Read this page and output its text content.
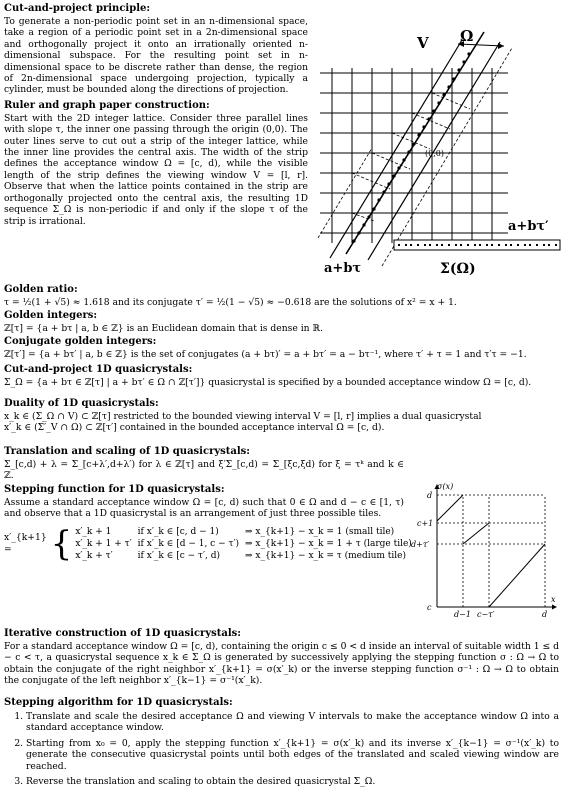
Cut-and-project principle:

To generate a non-periodic point set in an n-dimensional space, take a region of a periodic point set in a 2n-dimensional space and orthogonally project it onto an irrationally oriented n-dimensional subspace. For the resulting point set in n-dimensional space to be discrete rather than dense, the region of 2n-dimensional space undergoing projection, typically a cylinder, must be bounded along the directions of projection.

Ruler and graph paper construction:

Start with the 2D integer lattice. Consider three parallel lines with slope τ, the inner one passing through the origin (0,0). The outer lines serve to cut out a strip of the integer lattice, while the inner line provides the central axis. The width of the strip defines the acceptance window Ω = [c, d), while the visible length of the strip defines the viewing window V = [l, r]. Observe that when the lattice points contained in the strip are orthogonally projected onto the central axis, the resulting 1D sequence Σ_Ω is non-periodic if and only if the slope τ of the strip is irrational.

V Ω
(0,0)
a+bτ′
a+bτ	Σ(Ω)
Golden ratio:

τ = ½(1 + √5) ≈ 1.618 and its conjugate τ′ = ½(1 − √5) ≈ −0.618 are the solutions of x² = x + 1.

Golden integers:

ℤ[τ] = {a + bτ | a, b ∈ ℤ} is an Euclidean domain that is dense in ℝ.

Conjugate golden integers:

ℤ[τ′] = {a + bτ′ | a, b ∈ ℤ} is the set of conjugates (a + bτ)′ = a + bτ′ = a − bτ⁻¹, where τ′ + τ = 1 and τ′τ = −1.

Cut-and-project 1D quasicrystals:

Σ_Ω = {a + bτ ∈ ℤ[τ] | a + bτ′ ∈ Ω ∩ ℤ[τ′]} quasicrystal is specified by a bounded acceptance window Ω = [c, d).

Duality of 1D quasicrystals:

x_k ∈ (Σ_Ω ∩ V) ⊂ ℤ[τ] restricted to the bounded viewing interval V = [l, r] implies a dual quasicrystal

x′_k ∈ (Σ′_V ∩ Ω) ⊂ ℤ[τ′] contained in the bounded acceptance interval Ω = [c, d).

Translation and scaling of 1D quasicrystals:

Σ_[c,d) + λ = Σ_[c+λ′,d+λ′) for λ ∈ ℤ[τ] and ξ′Σ_[c,d) = Σ_[ξc,ξd) for ξ = τᵏ and k ∈ ℤ.

Stepping function for 1D quasicrystals:

Assume a standard acceptance window Ω = [c, d) such that 0 ∈ Ω and d − c ∈ [1, τ) and observe that a 1D quasicrystal is an arrangement of just three possible tiles.

x′_{k+1} =	{ x′_k + 1	if x′_k ∈ [c, d − 1)	⇒ x_{k+1} − x_k = 1 (small tile)
x′_k + 1 + τ′	if x′_k ∈ [d − 1, c − τ′)	⇒ x_{k+1} − x_k = 1 + τ (large tile)
x′_k + τ′	if x′_k ∈ [c − τ′, d)	⇒ x_{k+1} − x_k = τ (medium tile)
σ(x)
x
d
c+1
d+τ′
c
d−1 c−τ′	d
Iterative construction of 1D quasicrystals:

For a standard acceptance window Ω = [c, d), containing the origin c ≤ 0 < d inside an interval of suitable width 1 ≤ d − c < τ, a quasicrystal sequence x_k ∈ Σ_Ω is generated by successively applying the stepping function σ : Ω → Ω to obtain the conjugate of the right neighbor x′_{k+1} = σ(x′_k) or the inverse stepping function σ⁻¹ : Ω → Ω to obtain the conjugate of the left neighbor x′_{k−1} = σ⁻¹(x′_k).

Stepping algorithm for 1D quasicrystals:
1. Translate and scale the desired acceptance Ω and viewing V intervals to make the acceptance window Ω into a standard acceptance window.
2. Starting from x₀ = 0, apply the stepping function x′_{k+1} = σ(x′_k) and its inverse x′_{k−1} = σ⁻¹(x′_k) to generate the consecutive quasicrystal points until both edges of the translated and scaled viewing window are reached.
3. Reverse the translation and scaling to obtain the desired quasicrystal Σ_Ω.
